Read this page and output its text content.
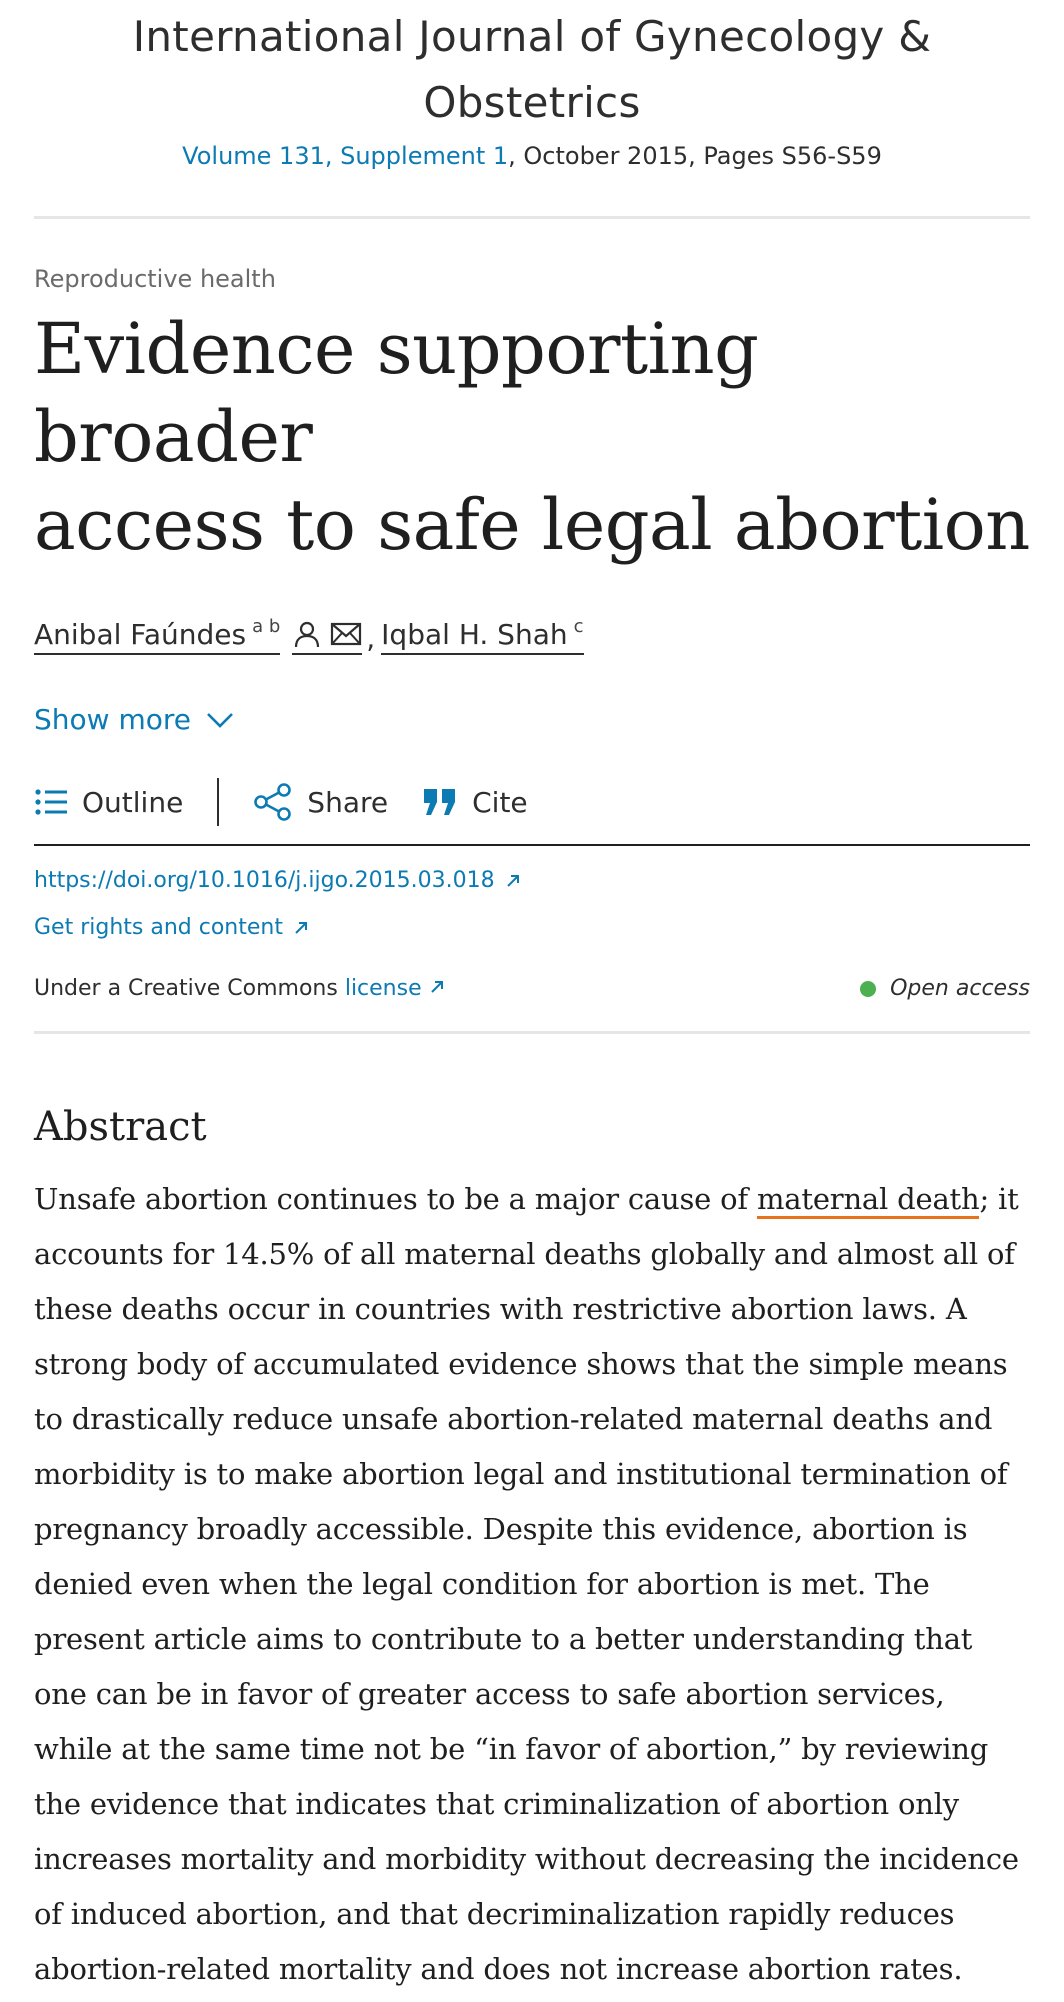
International Journal of Gynecology &
Obstetrics
Volume 131, Supplement 1, October 2015, Pages S56-S59
Reproductive health
Evidence supporting broader
access to safe legal abortion
Anibal Faúndes $^{a b}$	, Iqbal H. Shah $^c$
Show more
Outline	Share	Cite
https://doi.org/10.1016/j.ijgo.2015.03.018
Get rights and content
Under a Creative Commons license	Open access
Abstract
Unsafe abortion continues to be a major cause of maternal death; it accounts for 14.5% of all maternal deaths globally and almost all of these deaths occur in countries with restrictive abortion laws. A strong body of accumulated evidence shows that the simple means to drastically reduce unsafe abortion-related maternal deaths and morbidity is to make abortion legal and institutional termination of pregnancy broadly accessible. Despite this evidence, abortion is denied even when the legal condition for abortion is met. The present article aims to contribute to a better understanding that one can be in favor of greater access to safe abortion services, while at the same time not be “in favor of abortion,” by reviewing the evidence that indicates that criminalization of abortion only increases mortality and morbidity without decreasing the incidence of induced abortion, and that decriminalization rapidly reduces abortion-related mortality and does not increase abortion rates.
